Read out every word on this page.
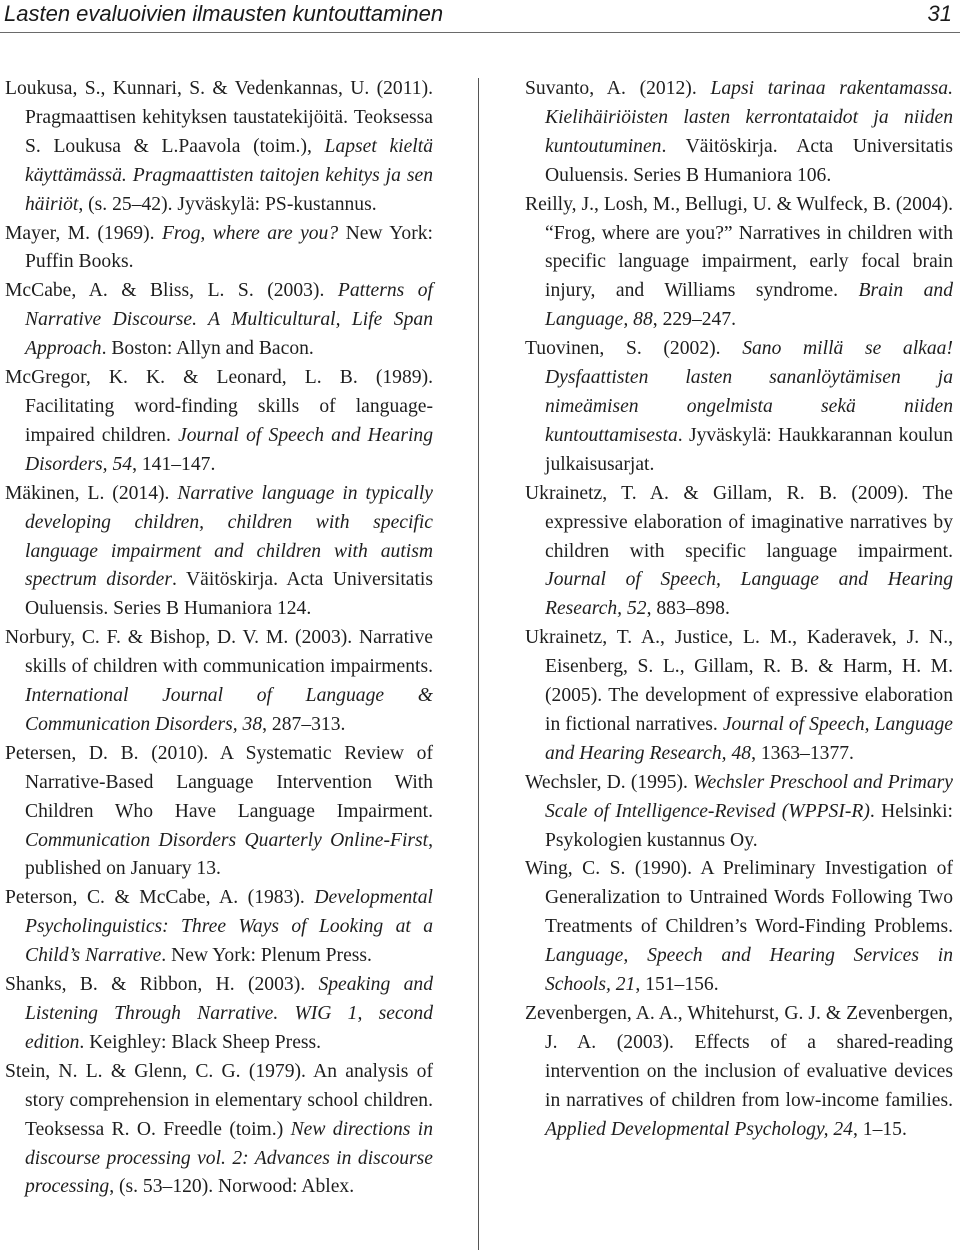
Lasten evaluoivien ilmausten kuntouttaminen	31

Loukusa, S., Kunnari, S. & Vedenkannas, U. (2011). Pragmaattisen kehityksen taustatekijöitä. Teoksessa S. Loukusa & L.Paavola (toim.), Lapset kieltä käyttämässä. Pragmaattisten taitojen kehitys ja sen häiriöt, (s. 25–42). Jyväskylä: PS-kustannus.

Mayer, M. (1969). Frog, where are you? New York: Puffin Books.

McCabe, A. & Bliss, L. S. (2003). Patterns of Narrative Discourse. A Multicultural, Life Span Approach. Boston: Allyn and Bacon.

McGregor, K. K. & Leonard, L. B. (1989). Facilitating word-finding skills of language-impaired children. Journal of Speech and Hearing Disorders, 54, 141–147.

Mäkinen, L. (2014). Narrative language in typically developing children, children with specific language impairment and children with autism spectrum disorder. Väitöskirja. Acta Universitatis Ouluensis. Series B Humaniora 124.

Norbury, C. F. & Bishop, D. V. M. (2003). Narrative skills of children with communication impairments. International Journal of Language & Communication Disorders, 38, 287–313.

Petersen, D. B. (2010). A Systematic Review of Narrative-Based Language Intervention With Children Who Have Language Impairment. Communication Disorders Quarterly Online-First, published on January 13.

Peterson, C. & McCabe, A. (1983). Developmental Psycholinguistics: Three Ways of Looking at a Child’s Narrative. New York: Plenum Press.

Shanks, B. & Ribbon, H. (2003). Speaking and Listening Through Narrative. WIG 1, second edition. Keighley: Black Sheep Press.

Stein, N. L. & Glenn, C. G. (1979). An analysis of story comprehension in elementary school children. Teoksessa R. O. Freedle (toim.) New directions in discourse processing vol. 2: Advances in discourse processing, (s. 53–120). Norwood: Ablex.

Suvanto, A. (2012). Lapsi tarinaa rakentamassa. Kielihäiriöisten lasten kerrontataidot ja niiden kuntoutuminen. Väitöskirja. Acta Universitatis Ouluensis. Series B Humaniora 106.

Reilly, J., Losh, M., Bellugi, U. & Wulfeck, B. (2004). “Frog, where are you?” Narratives in children with specific language impairment, early focal brain injury, and Williams syndrome. Brain and Language, 88, 229–247.

Tuovinen, S. (2002). Sano millä se alkaa! Dysfaattisten lasten sananlöytämisen ja nimeämisen ongelmista sekä niiden kuntouttamisesta. Jyväskylä: Haukkarannan koulun julkaisusarjat.

Ukrainetz, T. A. & Gillam, R. B. (2009). The expressive elaboration of imaginative narratives by children with specific language impairment. Journal of Speech, Language and Hearing Research, 52, 883–898.

Ukrainetz, T. A., Justice, L. M., Kaderavek, J. N., Eisenberg, S. L., Gillam, R. B. & Harm, H. M. (2005). The development of expressive elaboration in fictional narratives. Journal of Speech, Language and Hearing Research, 48, 1363–1377.

Wechsler, D. (1995). Wechsler Preschool and Primary Scale of Intelligence-Revised (WPPSI-R). Helsinki: Psykologien kustannus Oy.

Wing, C. S. (1990). A Preliminary Investigation of Generalization to Untrained Words Following Two Treatments of Children’s Word-Finding Problems. Language, Speech and Hearing Services in Schools, 21, 151–156.

Zevenbergen, A. A., Whitehurst, G. J. & Zevenbergen, J. A. (2003). Effects of a shared-reading intervention on the inclusion of evaluative devices in narratives of children from low-income families. Applied Developmental Psychology, 24, 1–15.
